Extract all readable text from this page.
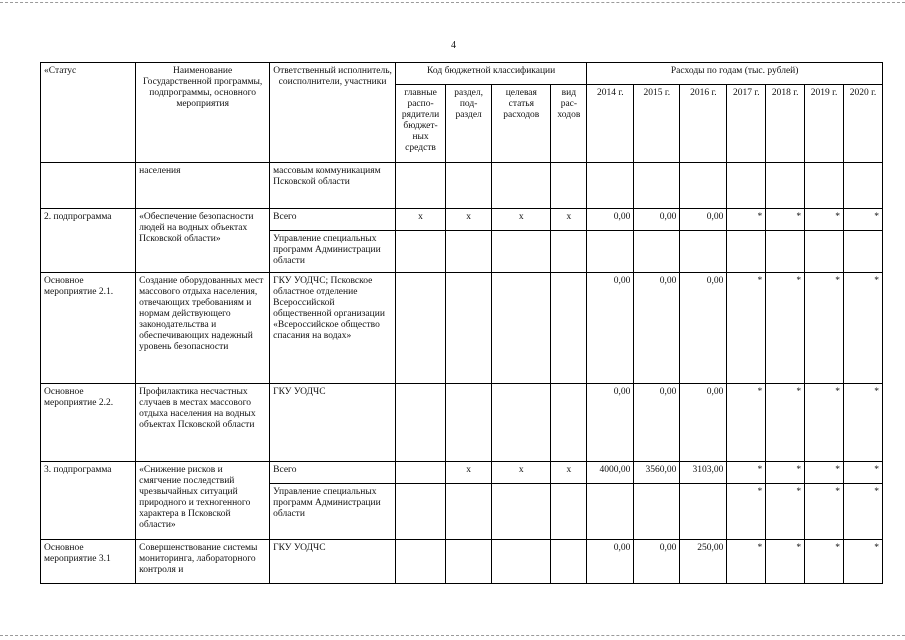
4
«Статус	Наименование Государственной программы, подпрограммы, основного мероприятия	Ответственный исполнитель, соисполнители, участники	Код бюджетной классификации				Расходы по годам (тыс. рублей)						
			главные распо-рядители бюджет-ных средств	раздел, под-раздел	целевая статья расходов	вид рас-ходов	2014 г.	2015 г.	2016 г.	2017 г.	2018 г.	2019 г.	2020 г.
	населения	массовым коммуникациям Псковской области											
2. подпрограмма	«Обеспечение безопасности людей на водных объектах Псковской области»	Всего	х	х	х	х	0,00	0,00	0,00	*	*	*	*
		Управление специальных программ Администрации области											
Основное мероприятие 2.1.	Создание оборудованных мест массового отдыха населения, отвечающих требованиям и нормам действующего законодательства и обеспечивающих надежный уровень безопасности	ГКУ УОДЧС; Псковское областное отделение Всероссийской общественной организации «Всероссийское общество спасания на водах»					0,00	0,00	0,00	*	*	*	*
Основное мероприятие 2.2.	Профилактика несчастных случаев в местах массового отдыха населения на водных объектах Псковской области	ГКУ УОДЧС					0,00	0,00	0,00	*	*	*	*
3. подпрограмма	«Снижение рисков и смягчение последствий чрезвычайных ситуаций природного и техногенного характера в Псковской области»	Всего		х	х	х	4000,00	3560,00	3103,00	*	*	*	*
		Управление специальных программ Администрации области								*	*	*	*
Основное мероприятие 3.1	Совершенствование системы мониторинга, лабораторного контроля и	ГКУ УОДЧС					0,00	0,00	250,00	*	*	*	*
